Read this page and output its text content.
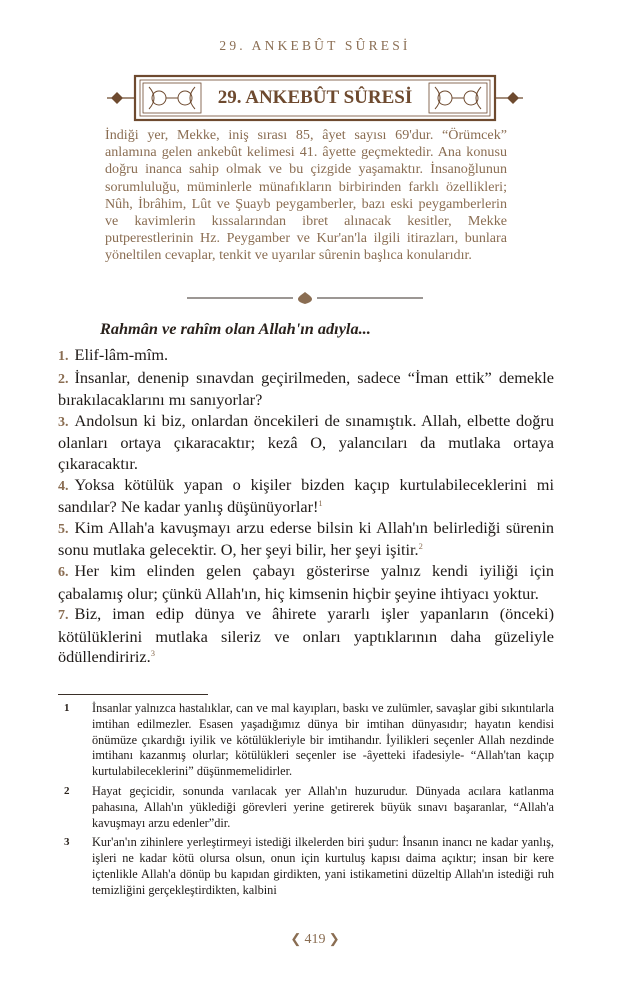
29. ANKEBÛT SÛRESİ
29. ANKEBÛT SÛRESİ

İndiği yer, Mekke, iniş sırası 85, âyet sayısı 69'dur. “Örümcek” anlamına gelen ankebût kelimesi 41. âyette geçmektedir. Ana konusu doğru inanca sahip olmak ve bu çizgide yaşamaktır. İnsanoğlunun sorumluluğu, müminlerle münafıkların birbirinden farklı özellikleri; Nûh, İbrâhim, Lût ve Şuayb peygamberler, bazı eski peygamberlerin ve kavimlerin kıssalarından ibret alınacak kesitler, Mekke putperestlerinin Hz. Peygamber ve Kur'an'la ilgili itirazları, bunlara yöneltilen cevaplar, tenkit ve uyarılar sûrenin başlıca konularıdır.

Rahmân ve rahîm olan Allah'ın adıyla...

1. Elif-lâm-mîm.

2. İnsanlar, denenip sınavdan geçirilmeden, sadece “İman ettik” demekle bırakılacaklarını mı sanıyorlar?

3. Andolsun ki biz, onlardan öncekileri de sınamıştık. Allah, elbette doğru olanları ortaya çıkaracaktır; kezâ O, yalancıları da mutlaka ortaya çıkaracaktır.

4. Yoksa kötülük yapan o kişiler bizden kaçıp kurtulabileceklerini mi sandılar? Ne kadar yanlış düşünüyorlar!$^1$

5. Kim Allah'a kavuşmayı arzu ederse bilsin ki Allah'ın belirlediği sürenin sonu mutlaka gelecektir. O, her şeyi bilir, her şeyi işitir.$^2$

6. Her kim elinden gelen çabayı gösterirse yalnız kendi iyiliği için çabalamış olur; çünkü Allah'ın, hiç kimsenin hiçbir şeyine ihtiyacı yoktur.

7. Biz, iman edip dünya ve âhirete yararlı işler yapanların (önceki) kötülüklerini mutlaka sileriz ve onları yaptıklarının daha güzeliyle ödüllendiririz.$^3$

1	İnsanlar yalnızca hastalıklar, can ve mal kayıpları, baskı ve zulümler, savaşlar gibi sıkıntılarla imtihan edilmezler. Esasen yaşadığımız dünya bir imtihan dünyasıdır; hayatın kendisi önümüze çıkardığı iyilik ve kötülükleriyle bir imtihandır. İyilikleri seçenler Allah nezdinde imtihanı kazanmış olurlar; kötülükleri seçenler ise -âyetteki ifadesiyle- “Allah'tan kaçıp kurtulabileceklerini” düşünmemelidirler.
2	Hayat geçicidir, sonunda varılacak yer Allah'ın huzurudur. Dünyada acılara katlanma pahasına, Allah'ın yüklediği görevleri yerine getirerek büyük sınavı başaranlar, “Allah'a kavuşmayı arzu edenler”dir.
3	Kur'an'ın zihinlere yerleştirmeyi istediği ilkelerden biri şudur: İnsanın inancı ne kadar yanlış, işleri ne kadar kötü olursa olsun, onun için kurtuluş kapısı daima açıktır; insan bir kere içtenlikle Allah'a dönüp bu kapıdan girdikten, yani istikametini düzeltip Allah'ın istediği ruh temizliğini gerçekleştirdikten, kalbini
❮ 419 ❯
